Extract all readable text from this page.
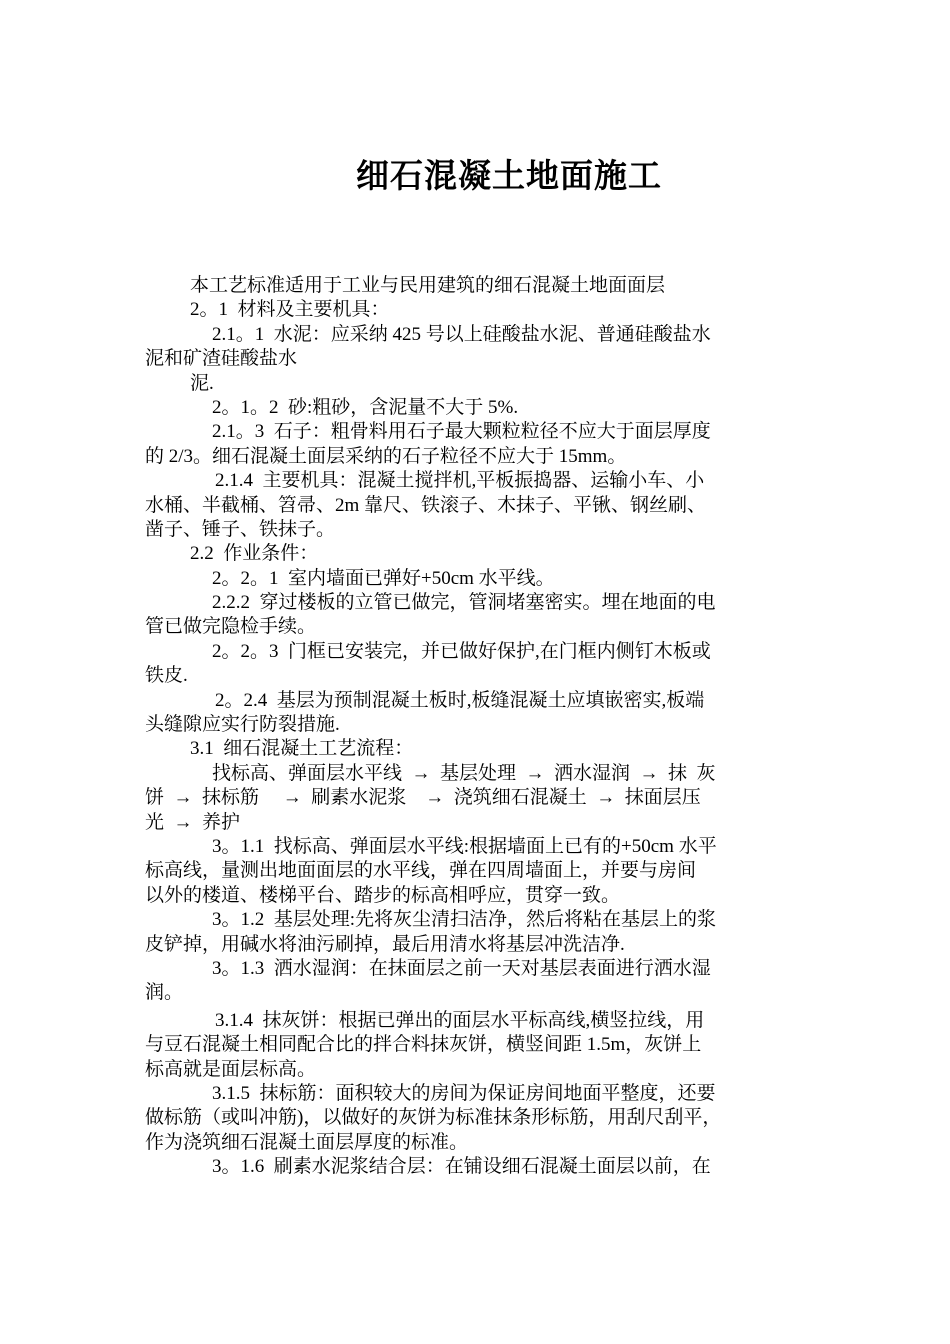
细石混凝土地面施工
本工艺标准适用于工业与民用建筑的细石混凝土地面面层
2。1  材料及主要机具：
2.1。1  水泥：应采纳 425 号以上硅酸盐水泥、普通硅酸盐水
泥和矿渣硅酸盐水
泥.
2。1。2  砂:粗砂，含泥量不大于 5%.
2.1。3  石子：粗骨料用石子最大颗粒粒径不应大于面层厚度
的 2/3。细石混凝土面层采纳的石子粒径不应大于 15mm。
2.1.4  主要机具：混凝土搅拌机,平板振捣器、运输小车、小
水桶、半截桶、笤帚、2m 靠尺、铁滚子、木抹子、平锹、钢丝刷、
凿子、锤子、铁抹子。
2.2  作业条件：
2。2。1  室内墙面已弹好+50cm 水平线。
2.2.2  穿过楼板的立管已做完，管洞堵塞密实。埋在地面的电
管已做完隐检手续。
2。2。3  门框已安装完，并已做好保护,在门框内侧钉木板或
铁皮.
2。2.4  基层为预制混凝土板时,板缝混凝土应填嵌密实,板端
头缝隙应实行防裂措施.
3.1  细石混凝土工艺流程：
找标高、弹面层水平线  →  基层处理  →  洒水湿润  →  抹  灰
饼  →  抹标筋     →  刷素水泥浆    →  浇筑细石混凝土  →  抹面层压
光  →  养护
3。1.1  找标高、弹面层水平线:根据墙面上已有的+50cm 水平
标高线，量测出地面面层的水平线，弹在四周墙面上，并要与房间
以外的楼道、楼梯平台、踏步的标高相呼应，贯穿一致。
3。1.2  基层处理:先将灰尘清扫洁净，然后将粘在基层上的浆
皮铲掉，用碱水将油污刷掉，最后用清水将基层冲洗洁净.
3。1.3  洒水湿润：在抹面层之前一天对基层表面进行洒水湿
润。
3.1.4  抹灰饼：根据已弹出的面层水平标高线,横竖拉线，用
与豆石混凝土相同配合比的拌合料抹灰饼，横竖间距 1.5m，灰饼上
标高就是面层标高。
3.1.5  抹标筋：面积较大的房间为保证房间地面平整度，还要
做标筋（或叫冲筋)，以做好的灰饼为标准抹条形标筋，用刮尺刮平，
作为浇筑细石混凝土面层厚度的标准。
3。1.6  刷素水泥浆结合层：在铺设细石混凝土面层以前，在
